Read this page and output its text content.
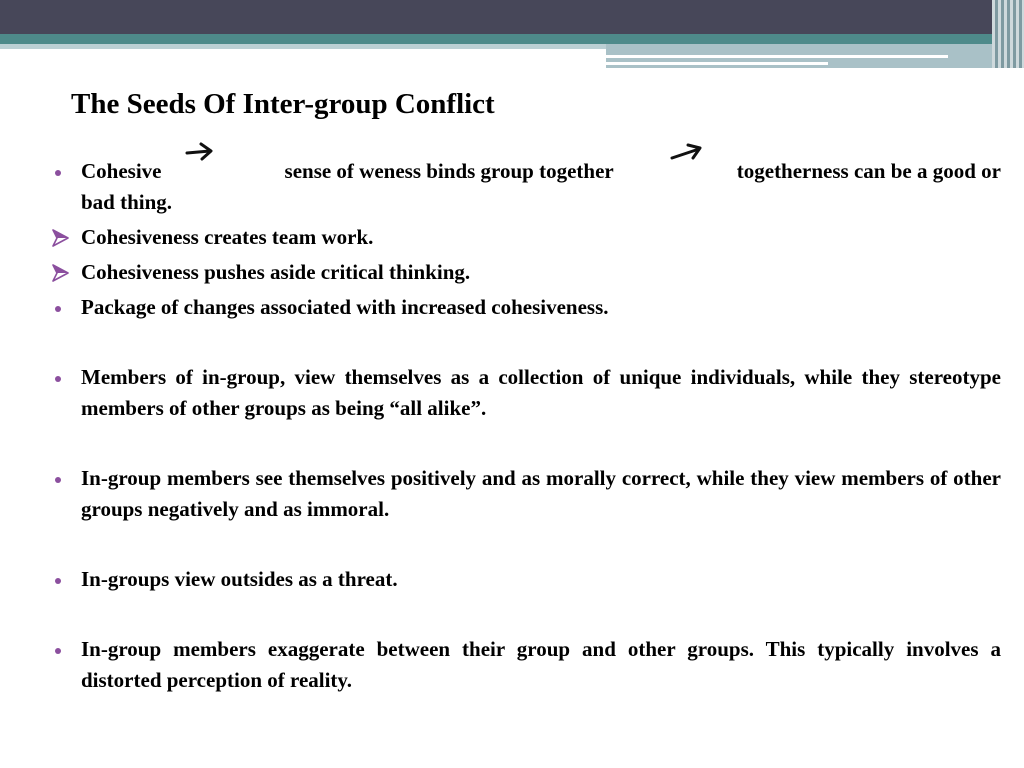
The Seeds Of Inter-group Conflict
Cohesive	sense of weness binds group together	togetherness can be a good or
bad thing.
Cohesiveness creates team work.
Cohesiveness pushes aside critical thinking.
Package of changes associated with increased cohesiveness.
Members of in-group, view themselves as a collection of unique individuals, while they stereotype members of other groups as being “all alike”.
In-group members see themselves positively and as morally correct, while they view members of other groups negatively and as immoral.
In-groups view outsides as a threat.
In-group members exaggerate between their group and other groups. This typically involves a distorted perception of reality.
